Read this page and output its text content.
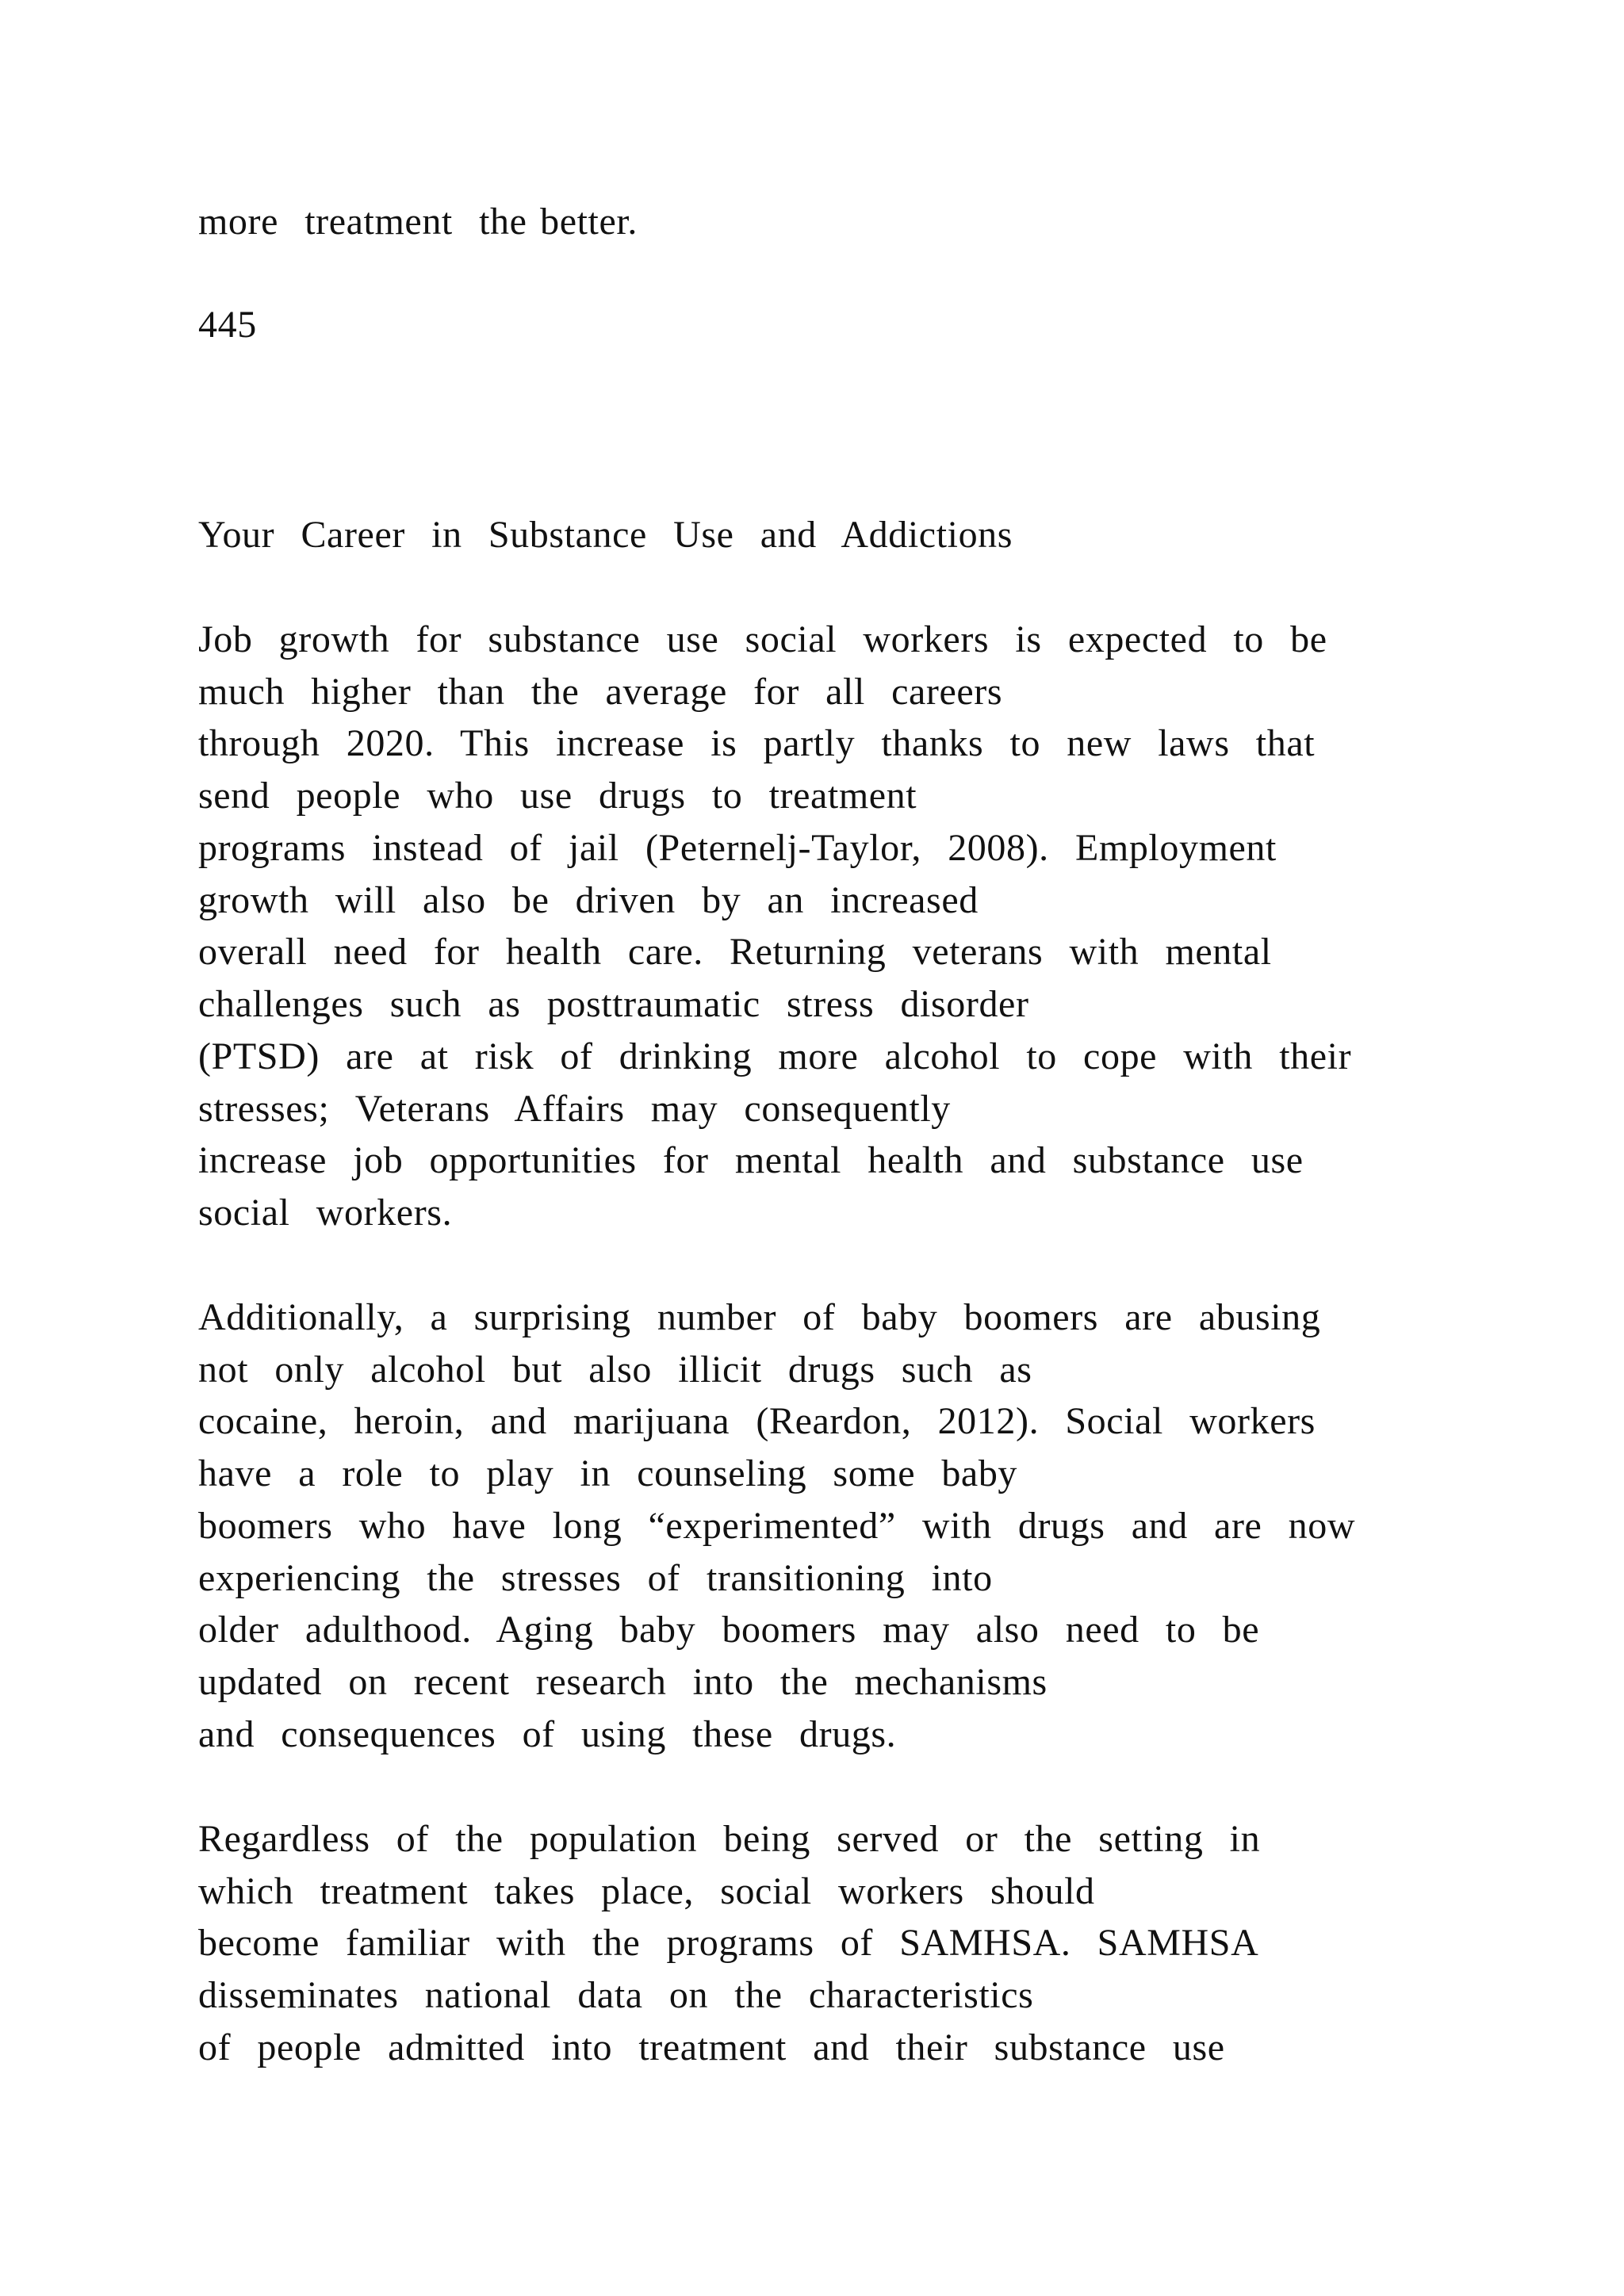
more  treatment  the better.
445
Your  Career  in  Substance  Use  and  Addictions
Job  growth  for  substance  use  social  workers  is  expected  to  be
much  higher  than  the  average  for  all  careers
through  2020.  This  increase  is  partly  thanks  to  new  laws  that
send  people  who  use  drugs  to  treatment
programs  instead  of  jail  (Peternelj-Taylor,  2008).  Employment
growth  will  also  be  driven  by  an  increased
overall  need  for  health  care.  Returning  veterans  with  mental
challenges  such  as  posttraumatic  stress  disorder
(PTSD)  are  at  risk  of  drinking  more  alcohol  to  cope  with  their
stresses;  Veterans  Affairs  may  consequently
increase  job  opportunities  for  mental  health  and  substance  use
social  workers.
Additionally,  a  surprising  number  of  baby  boomers  are  abusing
not  only  alcohol  but  also  illicit  drugs  such  as
cocaine,  heroin,  and  marijuana  (Reardon,  2012).  Social  workers
have  a  role  to  play  in  counseling  some  baby
boomers  who  have  long  “experimented”  with  drugs  and  are  now
experiencing  the  stresses  of  transitioning  into
older  adulthood.  Aging  baby  boomers  may  also  need  to  be
updated  on  recent  research  into  the  mechanisms
and  consequences  of  using  these  drugs.
Regardless  of  the  population  being  served  or  the  setting  in
which  treatment  takes  place,  social  workers  should
become  familiar  with  the  programs  of  SAMHSA.  SAMHSA
disseminates  national  data  on  the  characteristics
of  people  admitted  into  treatment  and  their  substance  use
